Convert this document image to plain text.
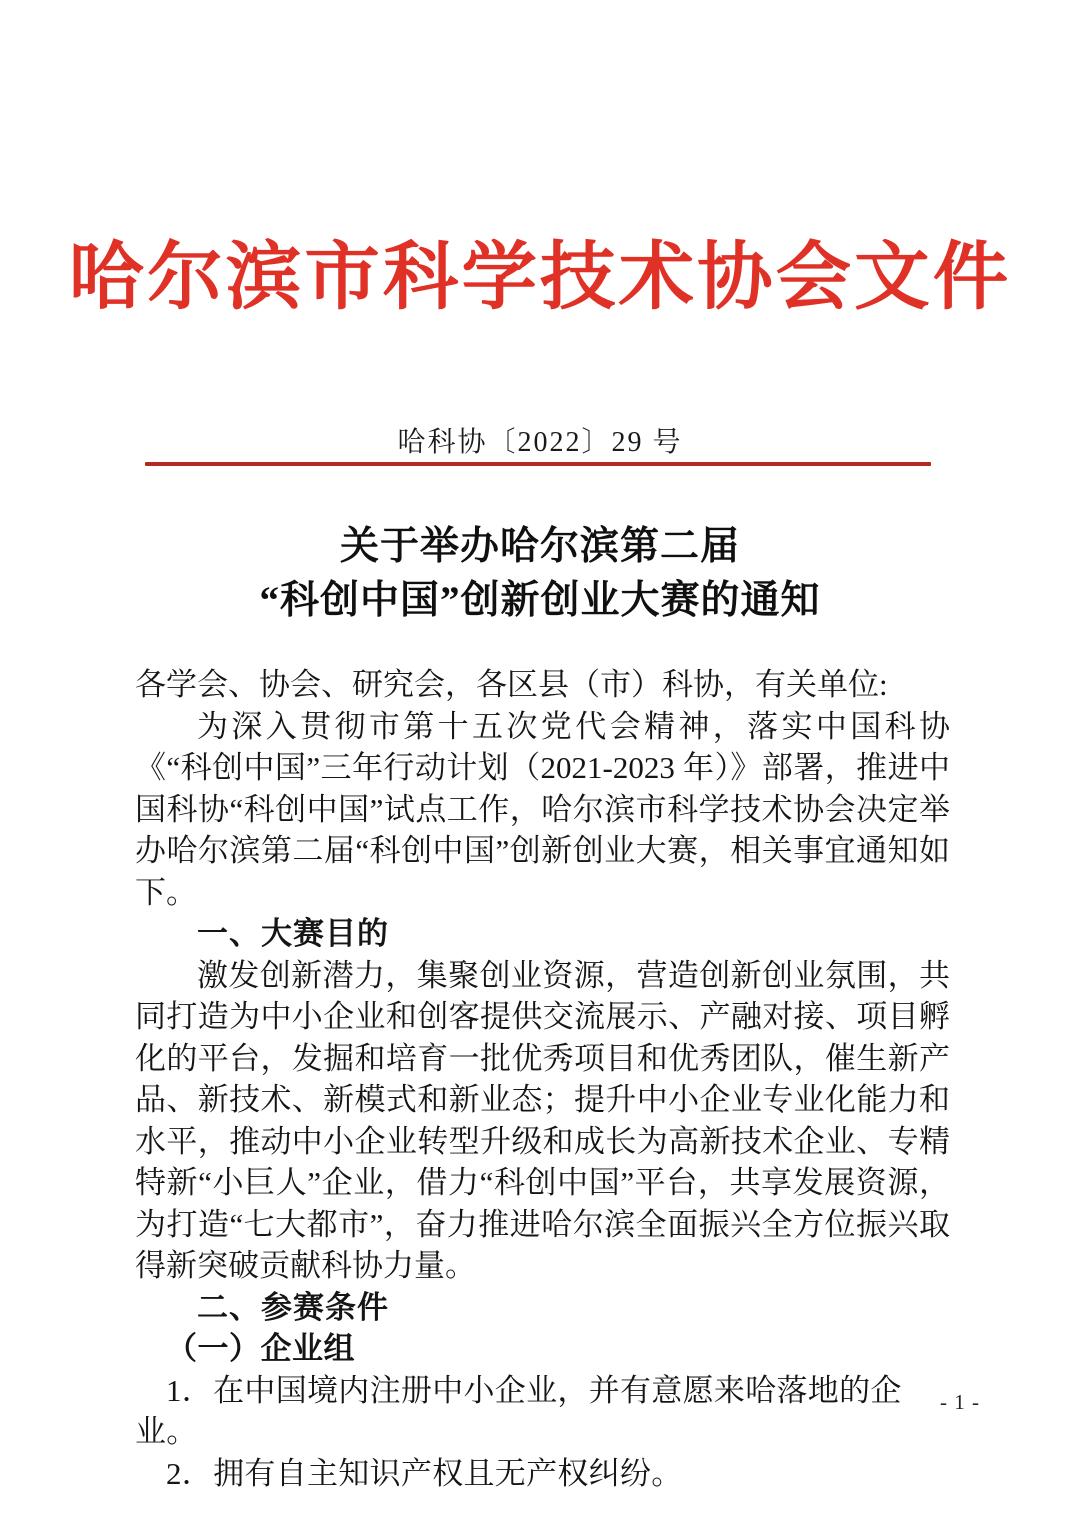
哈尔滨市科学技术协会文件
哈科协〔2022〕29 号
关于举办哈尔滨第二届
“科创中国”创新创业大赛的通知

各学会、协会、研究会，各区县（市）科协，有关单位:

为深入贯彻市第十五次党代会精神，落实中国科协《“科创中国”三年行动计划（2021-2023 年）》部署，推进中国科协“科创中国”试点工作，哈尔滨市科学技术协会决定举办哈尔滨第二届“科创中国”创新创业大赛，相关事宜通知如下。

一、大赛目的

激发创新潜力，集聚创业资源，营造创新创业氛围，共同打造为中小企业和创客提供交流展示、产融对接、项目孵化的平台，发掘和培育一批优秀项目和优秀团队，催生新产品、新技术、新模式和新业态；提升中小企业专业化能力和水平，推动中小企业转型升级和成长为高新技术企业、专精特新“小巨人”企业，借力“科创中国”平台，共享发展资源，为打造“七大都市”，奋力推进哈尔滨全面振兴全方位振兴取得新突破贡献科协力量。

二、参赛条件

（一）企业组

1．在中国境内注册中小企业，并有意愿来哈落地的企业。

2．拥有自主知识产权且无产权纠纷。

- 1 -
